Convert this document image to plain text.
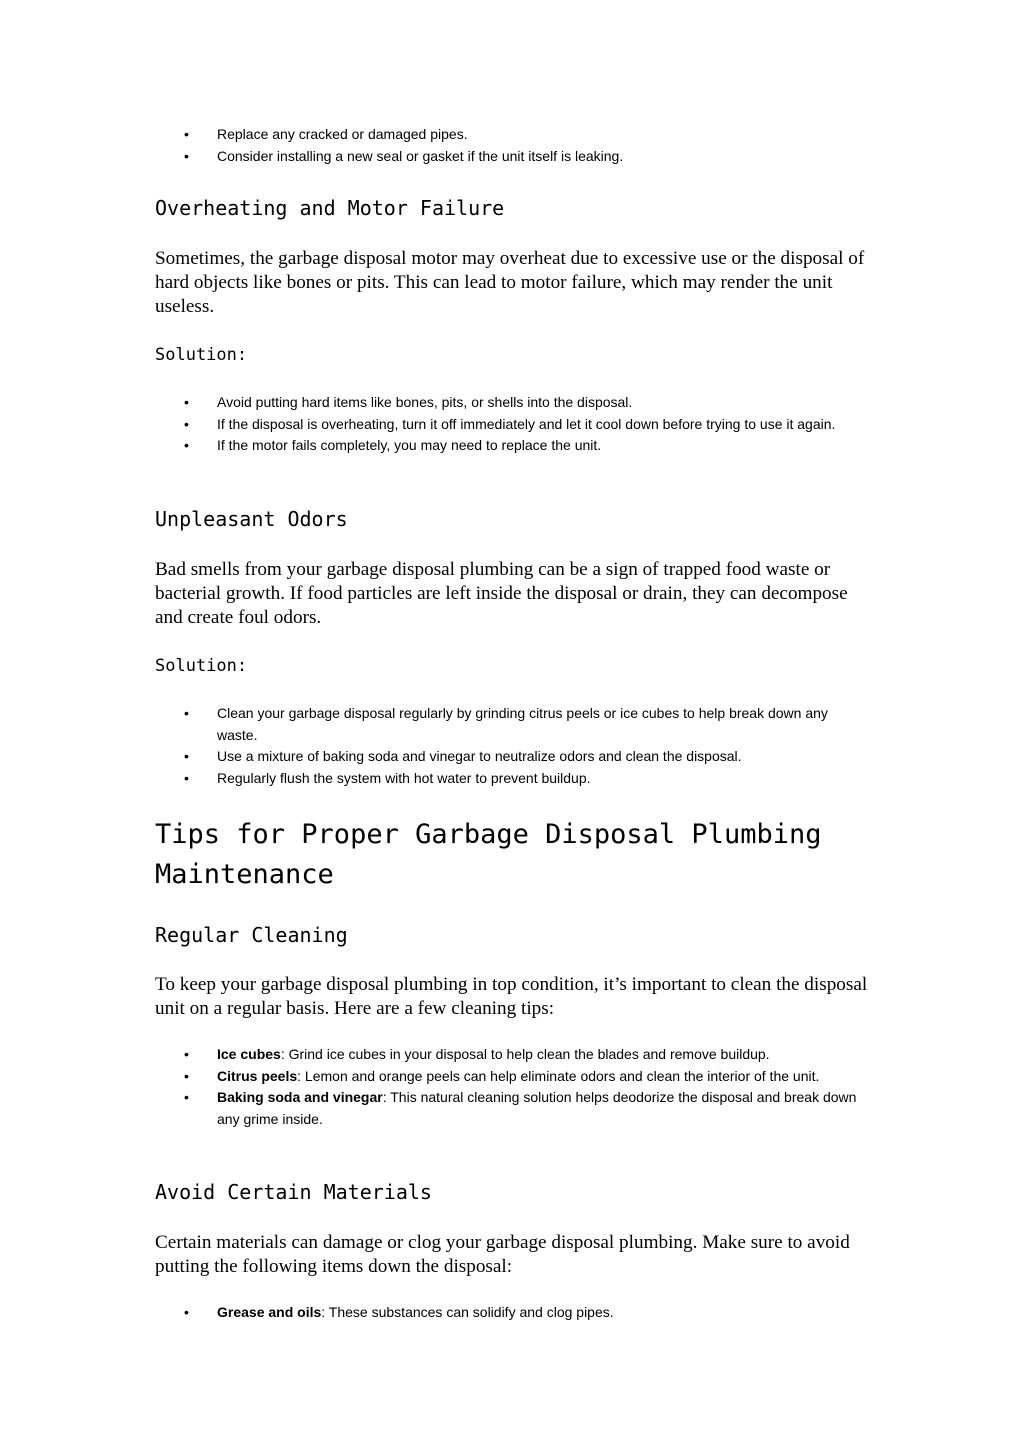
• Replace any cracked or damaged pipes.
• Consider installing a new seal or gasket if the unit itself is leaking.
Overheating and Motor Failure

Sometimes, the garbage disposal motor may overheat due to excessive use or the disposal of hard objects like bones or pits. This can lead to motor failure, which may render the unit useless.

Solution:
• Avoid putting hard items like bones, pits, or shells into the disposal.
• If the disposal is overheating, turn it off immediately and let it cool down before trying to use it again.
• If the motor fails completely, you may need to replace the unit.
Unpleasant Odors

Bad smells from your garbage disposal plumbing can be a sign of trapped food waste or bacterial growth. If food particles are left inside the disposal or drain, they can decompose and create foul odors.

Solution:
• Clean your garbage disposal regularly by grinding citrus peels or ice cubes to help break down any waste.
• Use a mixture of baking soda and vinegar to neutralize odors and clean the disposal.
• Regularly flush the system with hot water to prevent buildup.
Tips for Proper Garbage Disposal Plumbing Maintenance
Regular Cleaning

To keep your garbage disposal plumbing in top condition, it’s important to clean the disposal unit on a regular basis. Here are a few cleaning tips:

• Ice cubes: Grind ice cubes in your disposal to help clean the blades and remove buildup.
• Citrus peels: Lemon and orange peels can help eliminate odors and clean the interior of the unit.
• Baking soda and vinegar: This natural cleaning solution helps deodorize the disposal and break down any grime inside.
Avoid Certain Materials

Certain materials can damage or clog your garbage disposal plumbing. Make sure to avoid putting the following items down the disposal:

• Grease and oils: These substances can solidify and clog pipes.
